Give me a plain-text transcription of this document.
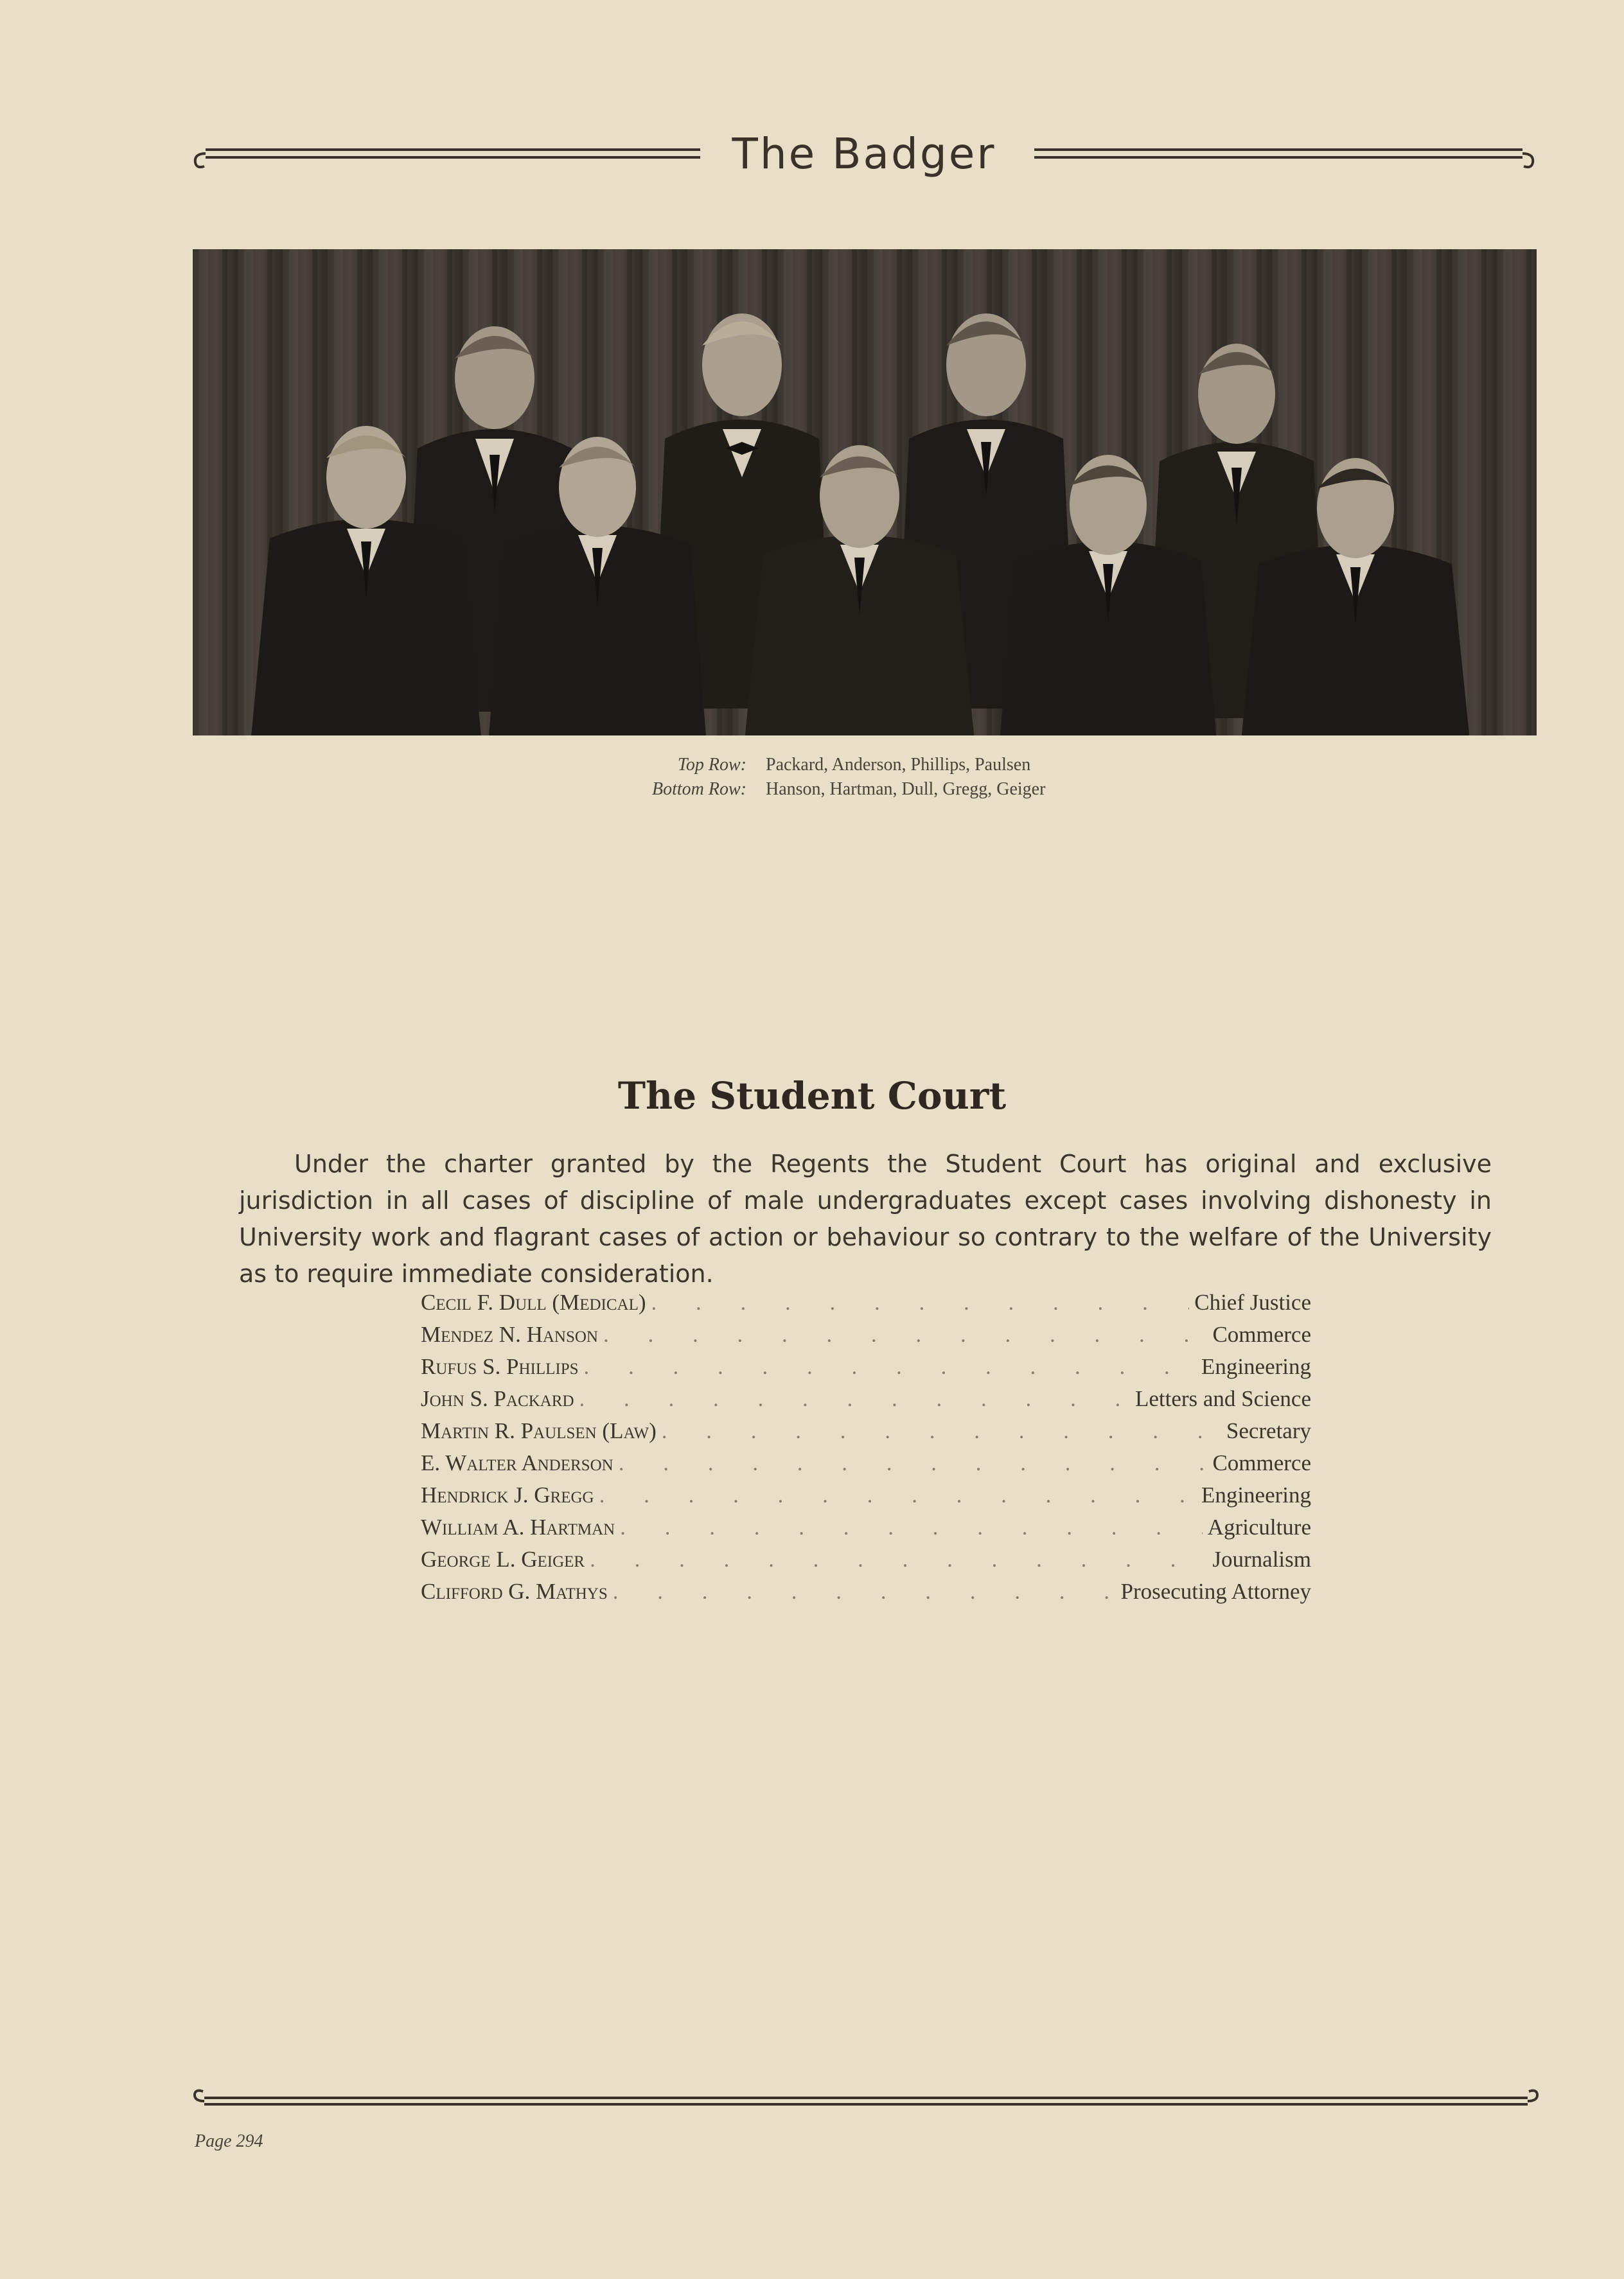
The Badger
Top Row:	Packard, Anderson, Phillips, Paulsen
Bottom Row:	Hanson, Hartman, Dull, Gregg, Geiger
The Student Court

Under the charter granted by the Regents the Student Court has original and exclusive jurisdiction in all cases of discipline of male undergraduates except cases involving dishonesty in University work and flagrant cases of action or behaviour so contrary to the welfare of the University as to require immediate consideration.

Cecil F. Dull (Medical) . . .	Chief Justice
Mendez N. Hanson . . .	Commerce
Rufus S. Phillips . . .	Engineering
John S. Packard . . .	Letters and Science
Martin R. Paulsen (Law) . . .	Secretary
E. Walter Anderson . . .	Commerce
Hendrick J. Gregg . . .	Engineering
William A. Hartman . . .	Agriculture
George L. Geiger . . .	Journalism
Clifford G. Mathys . . .	Prosecuting Attorney
Page 294
